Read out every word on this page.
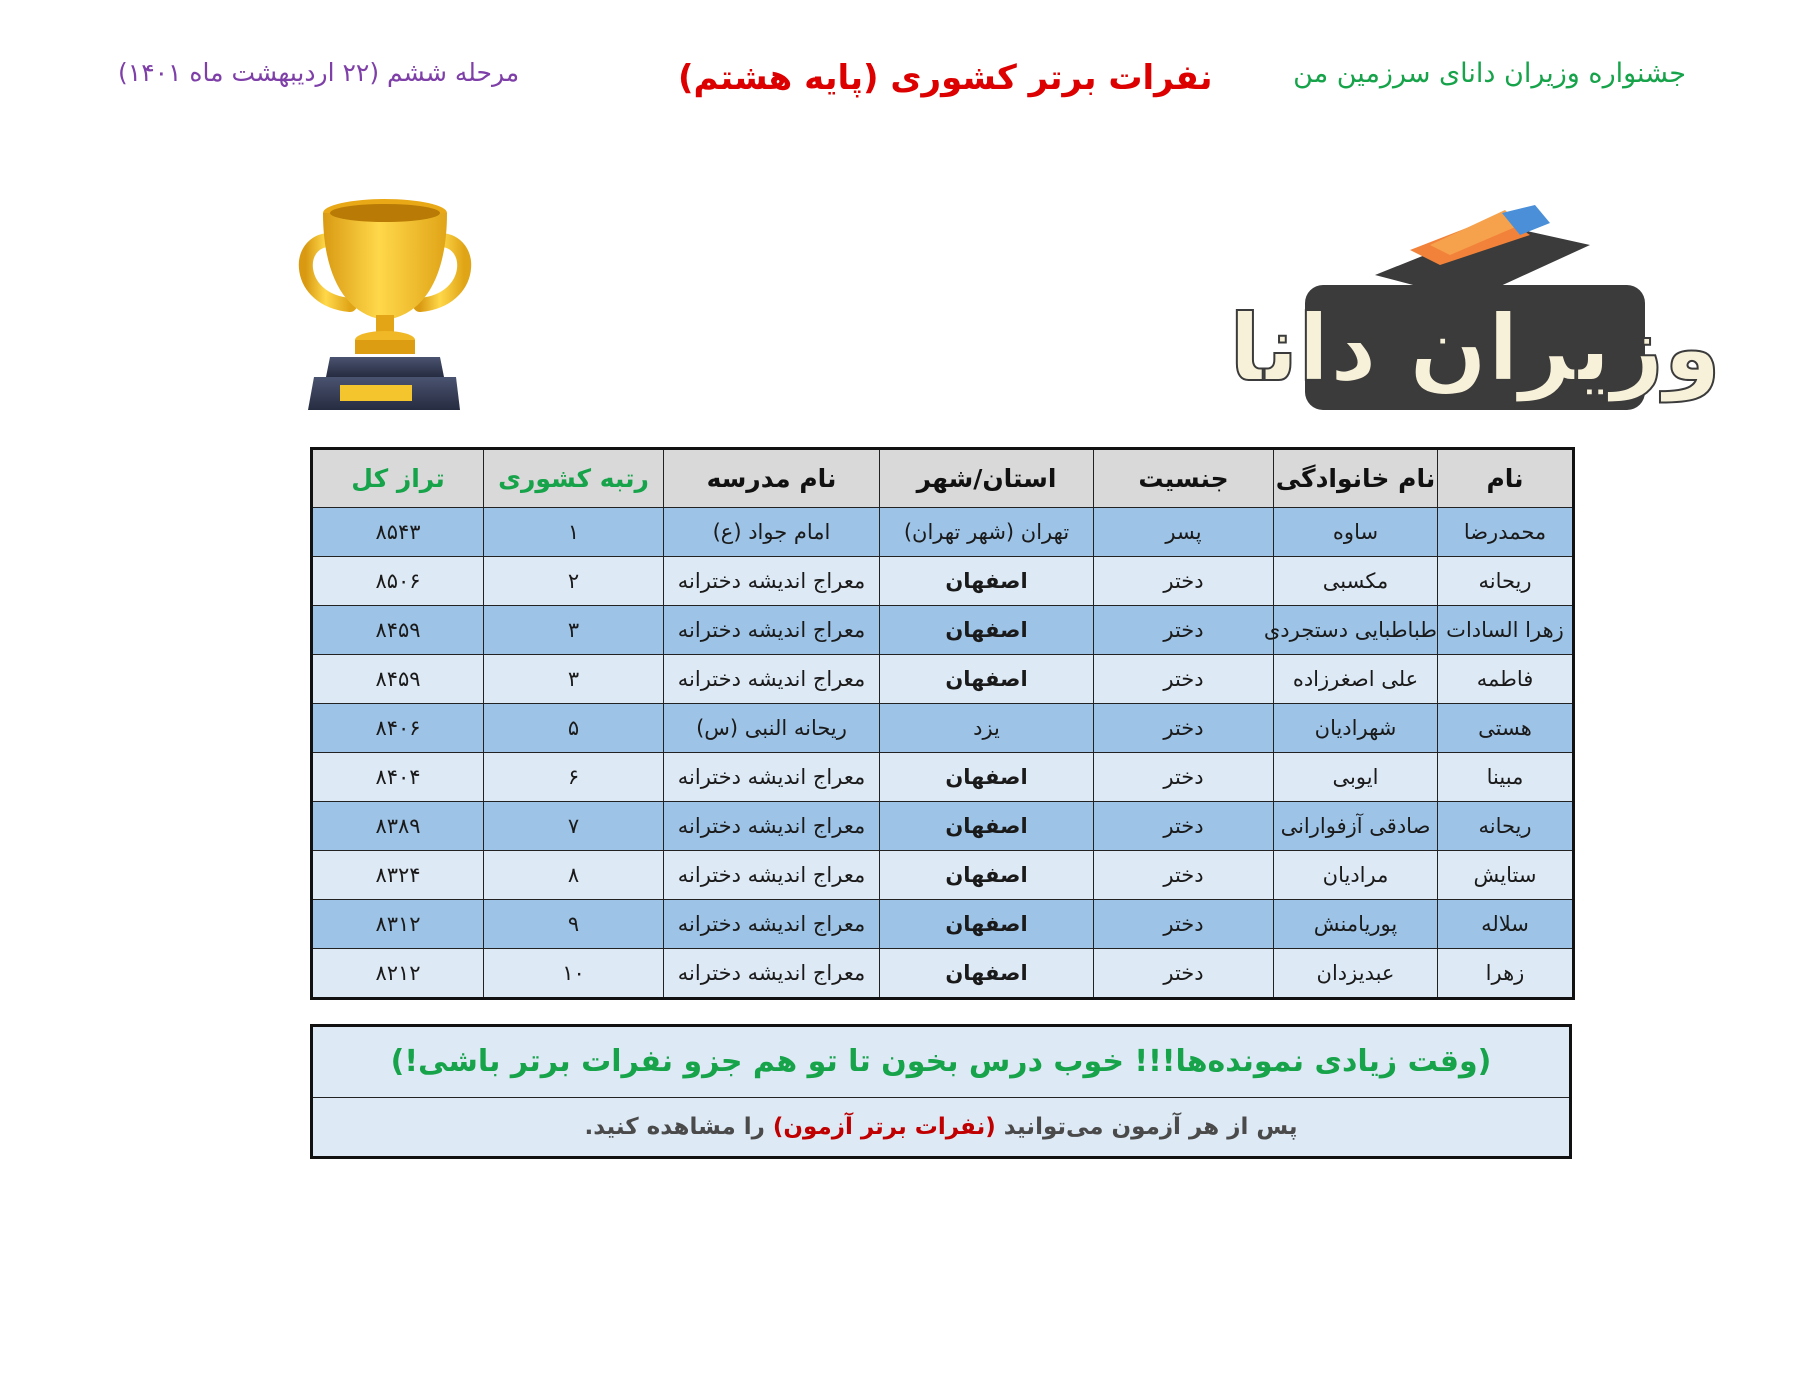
جشنواره وزیران دانای سرزمین من
نفرات برتر کشوری (پایه هشتم)
مرحله ششم (۲۲ اردیبهشت ماه ۱۴۰۱)
وزیران دانا
نام	نام خانوادگی	جنسیت	استان/شهر	نام مدرسه	رتبه کشوری	تراز کل
محمدرضا	ساوه	پسر	تهران (شهر تهران)	امام جواد (ع)	۱	۸۵۴۳
ریحانه	مکسبی	دختر	اصفهان	معراج اندیشه دخترانه	۲	۸۵۰۶
زهرا السادات	طباطبایی دستجردی	دختر	اصفهان	معراج اندیشه دخترانه	۳	۸۴۵۹
فاطمه	علی اصغرزاده	دختر	اصفهان	معراج اندیشه دخترانه	۳	۸۴۵۹
هستی	شهرادیان	دختر	یزد	ریحانه النبی (س)	۵	۸۴۰۶
مبینا	ایوبی	دختر	اصفهان	معراج اندیشه دخترانه	۶	۸۴۰۴
ریحانه	صادقی آزفوارانی	دختر	اصفهان	معراج اندیشه دخترانه	۷	۸۳۸۹
ستایش	مرادیان	دختر	اصفهان	معراج اندیشه دخترانه	۸	۸۳۲۴
سلاله	پوریامنش	دختر	اصفهان	معراج اندیشه دخترانه	۹	۸۳۱۲
زهرا	عبدیزدان	دختر	اصفهان	معراج اندیشه دخترانه	۱۰	۸۲۱۲
(وقت زیادی نمونده‌ها!!! خوب درس بخون تا تو هم جزو نفرات برتر باشی!)
پس از هر آزمون می‌توانید (نفرات برتر آزمون) را مشاهده کنید.
